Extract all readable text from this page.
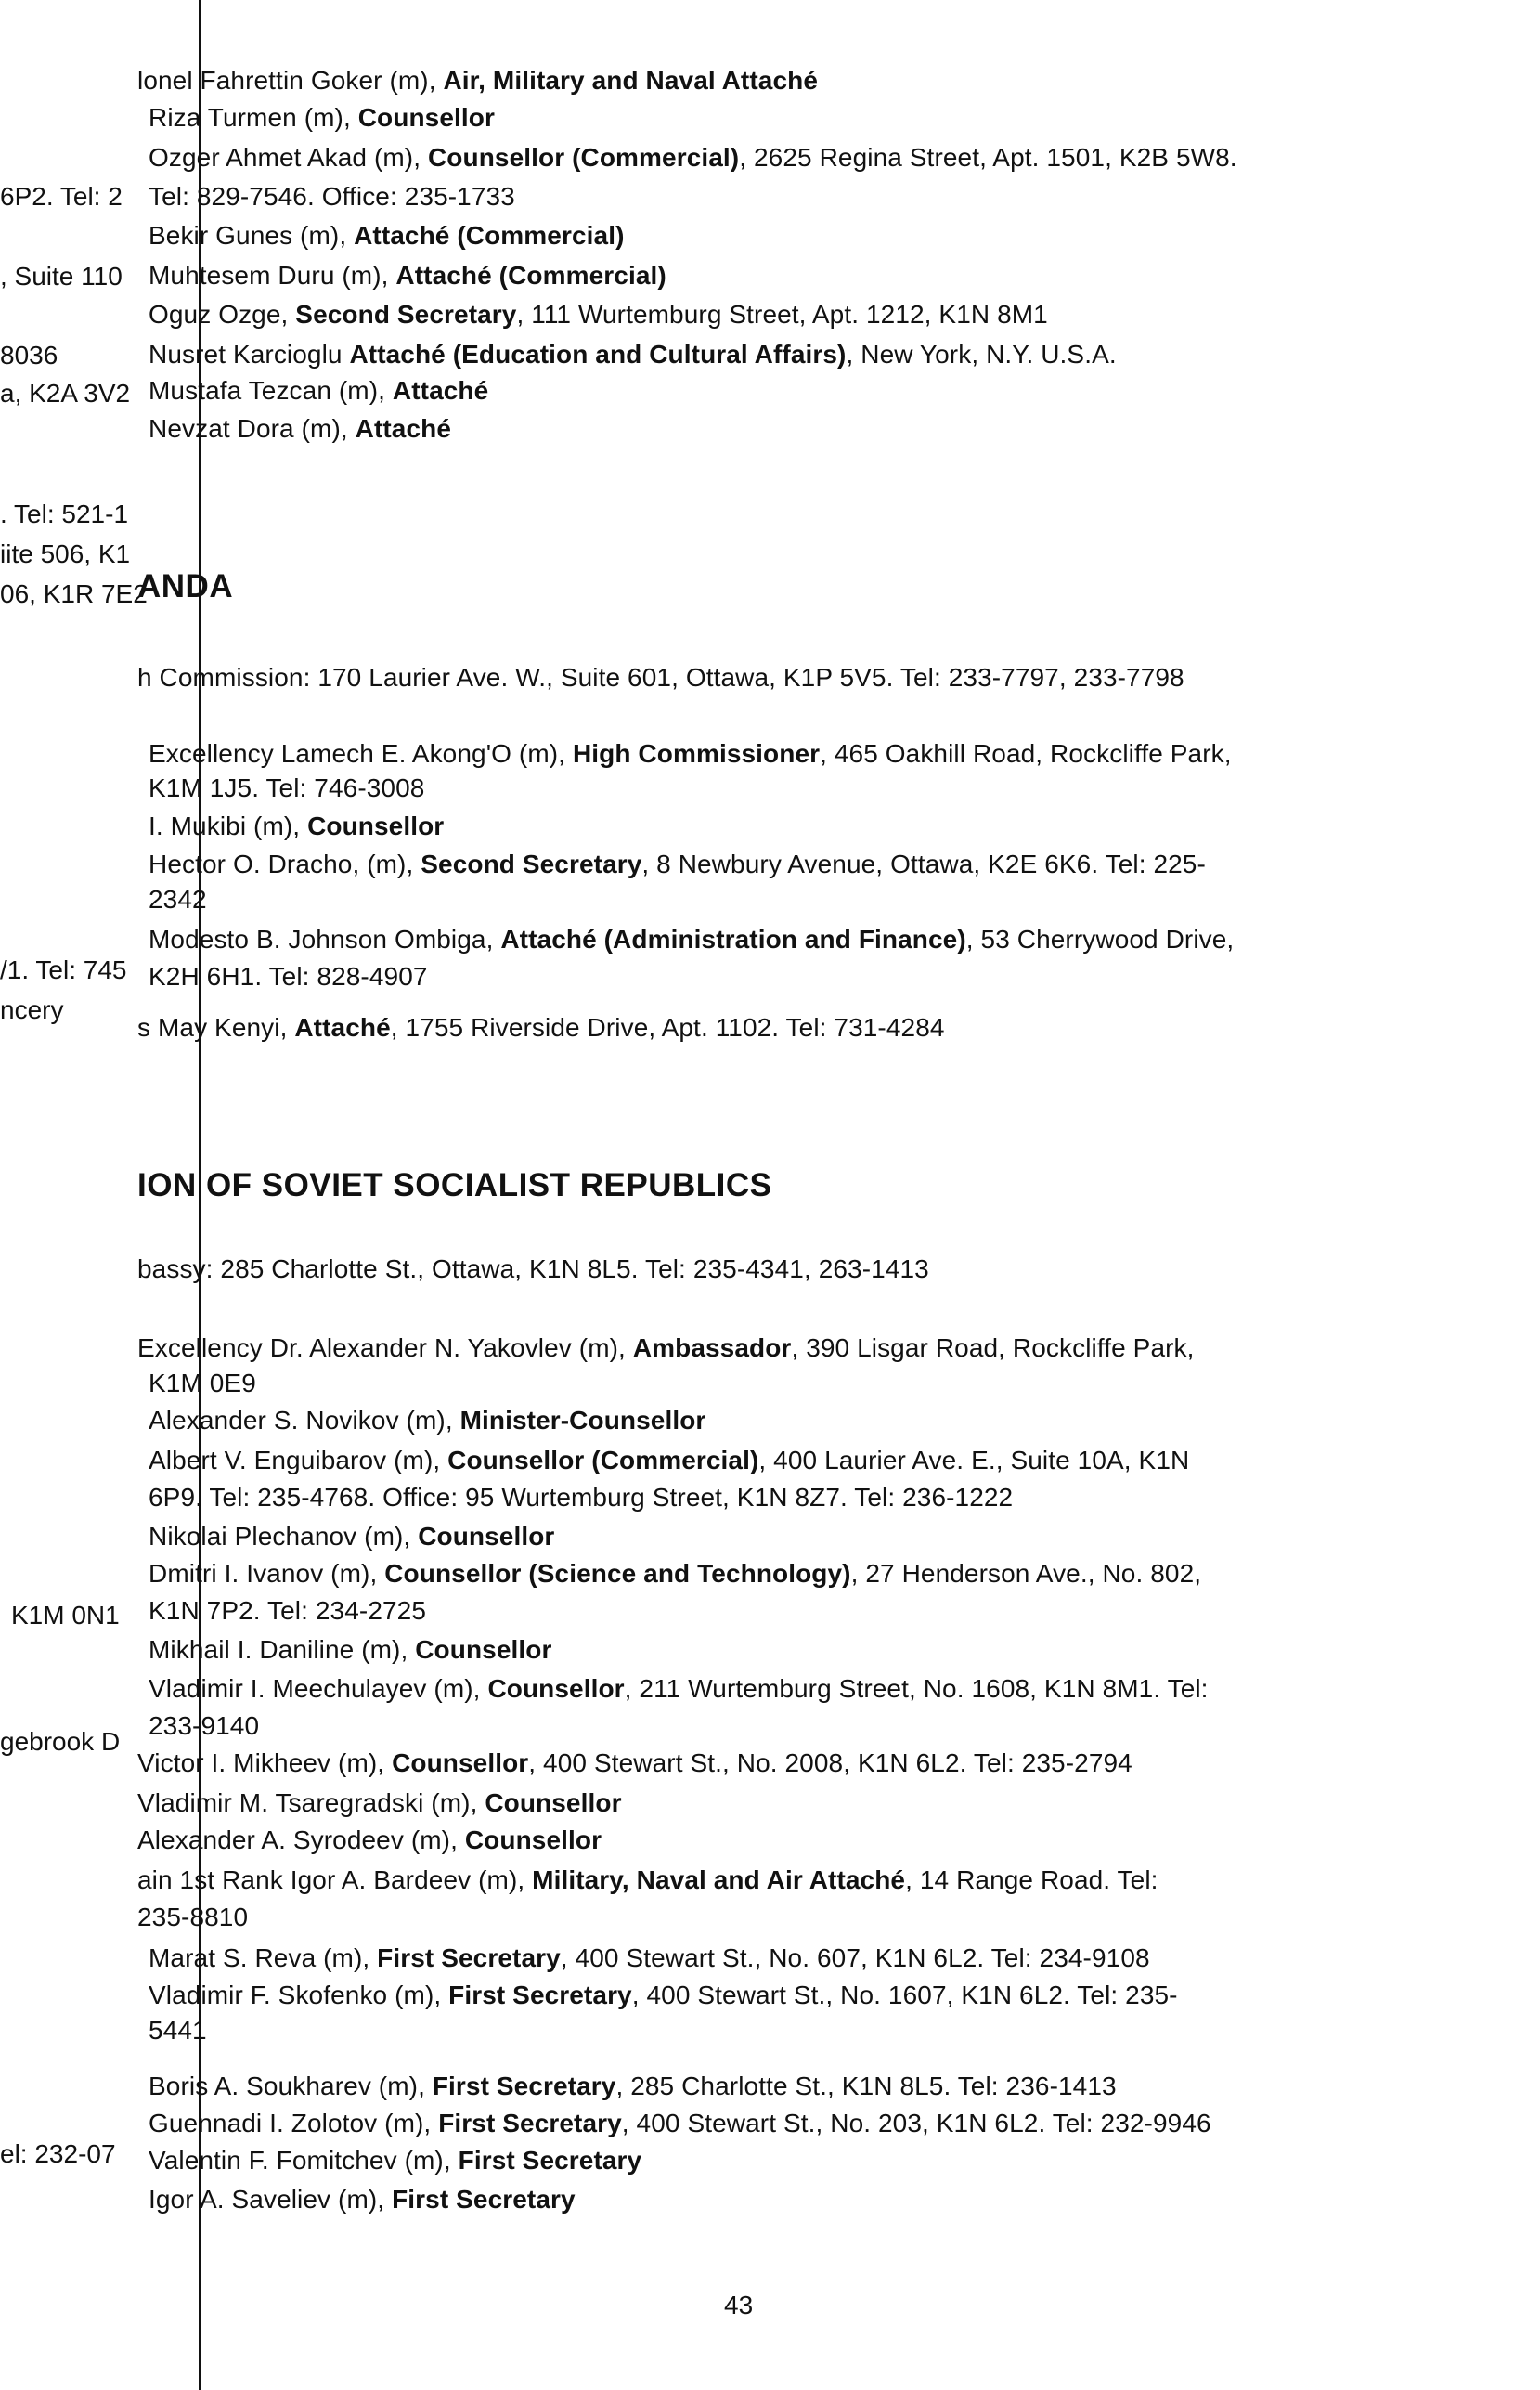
6P2. Tel: 2
, Suite 110
8036
a, K2A 3V2
. Tel: 521-1
iite 506, K1
06, K1R 7E2
/1. Tel: 745
ncery
K1M 0N1
gebrook D
el: 232-07
lonel Fahrettin Goker (m), Air, Military and Naval Attaché
Riza Turmen (m), Counsellor
Ozger Ahmet Akad (m), Counsellor (Commercial), 2625 Regina Street, Apt. 1501, K2B 5W8.
Tel: 829-7546. Office: 235-1733
Bekir Gunes (m), Attaché (Commercial)
Muhtesem Duru (m), Attaché (Commercial)
Oguz Ozge, Second Secretary, 111 Wurtemburg Street, Apt. 1212, K1N 8M1
Nusret Karcioglu Attaché (Education and Cultural Affairs), New York, N.Y. U.S.A.
Mustafa Tezcan (m), Attaché
Nevzat Dora (m), Attaché
ANDA
h Commission: 170 Laurier Ave. W., Suite 601, Ottawa, K1P 5V5. Tel: 233-7797, 233-7798
Excellency Lamech E. Akong'O (m), High Commissioner, 465 Oakhill Road, Rockcliffe Park,
K1M 1J5. Tel: 746-3008
I. Mukibi (m), Counsellor
Hector O. Dracho, (m), Second Secretary, 8 Newbury Avenue, Ottawa, K2E 6K6. Tel: 225-
2342
Modesto B. Johnson Ombiga, Attaché (Administration and Finance), 53 Cherrywood Drive,
K2H 6H1. Tel: 828-4907
s May Kenyi, Attaché, 1755 Riverside Drive, Apt. 1102. Tel: 731-4284
ION OF SOVIET SOCIALIST REPUBLICS
bassy: 285 Charlotte St., Ottawa, K1N 8L5. Tel: 235-4341, 263-1413
Excellency Dr. Alexander N. Yakovlev (m), Ambassador, 390 Lisgar Road, Rockcliffe Park,
K1M 0E9
Alexander S. Novikov (m), Minister-Counsellor
Albert V. Enguibarov (m), Counsellor (Commercial), 400 Laurier Ave. E., Suite 10A, K1N
6P9. Tel: 235-4768. Office: 95 Wurtemburg Street, K1N 8Z7. Tel: 236-1222
Nikolai Plechanov (m), Counsellor
Dmitri I. Ivanov (m), Counsellor (Science and Technology), 27 Henderson Ave., No. 802,
K1N 7P2. Tel: 234-2725
Mikhail I. Daniline (m), Counsellor
Vladimir I. Meechulayev (m), Counsellor, 211 Wurtemburg Street, No. 1608, K1N 8M1. Tel:
233-9140
Victor I. Mikheev (m), Counsellor, 400 Stewart St., No. 2008, K1N 6L2. Tel: 235-2794
Vladimir M. Tsaregradski (m), Counsellor
Alexander A. Syrodeev (m), Counsellor
ain 1st Rank Igor A. Bardeev (m), Military, Naval and Air Attaché, 14 Range Road. Tel:
235-8810
Marat S. Reva (m), First Secretary, 400 Stewart St., No. 607, K1N 6L2. Tel: 234-9108
Vladimir F. Skofenko (m), First Secretary, 400 Stewart St., No. 1607, K1N 6L2. Tel: 235-
5441
Boris A. Soukharev (m), First Secretary, 285 Charlotte St., K1N 8L5. Tel: 236-1413
Guennadi I. Zolotov (m), First Secretary, 400 Stewart St., No. 203, K1N 6L2. Tel: 232-9946
Valentin F. Fomitchev (m), First Secretary
Igor A. Saveliev (m), First Secretary
43
